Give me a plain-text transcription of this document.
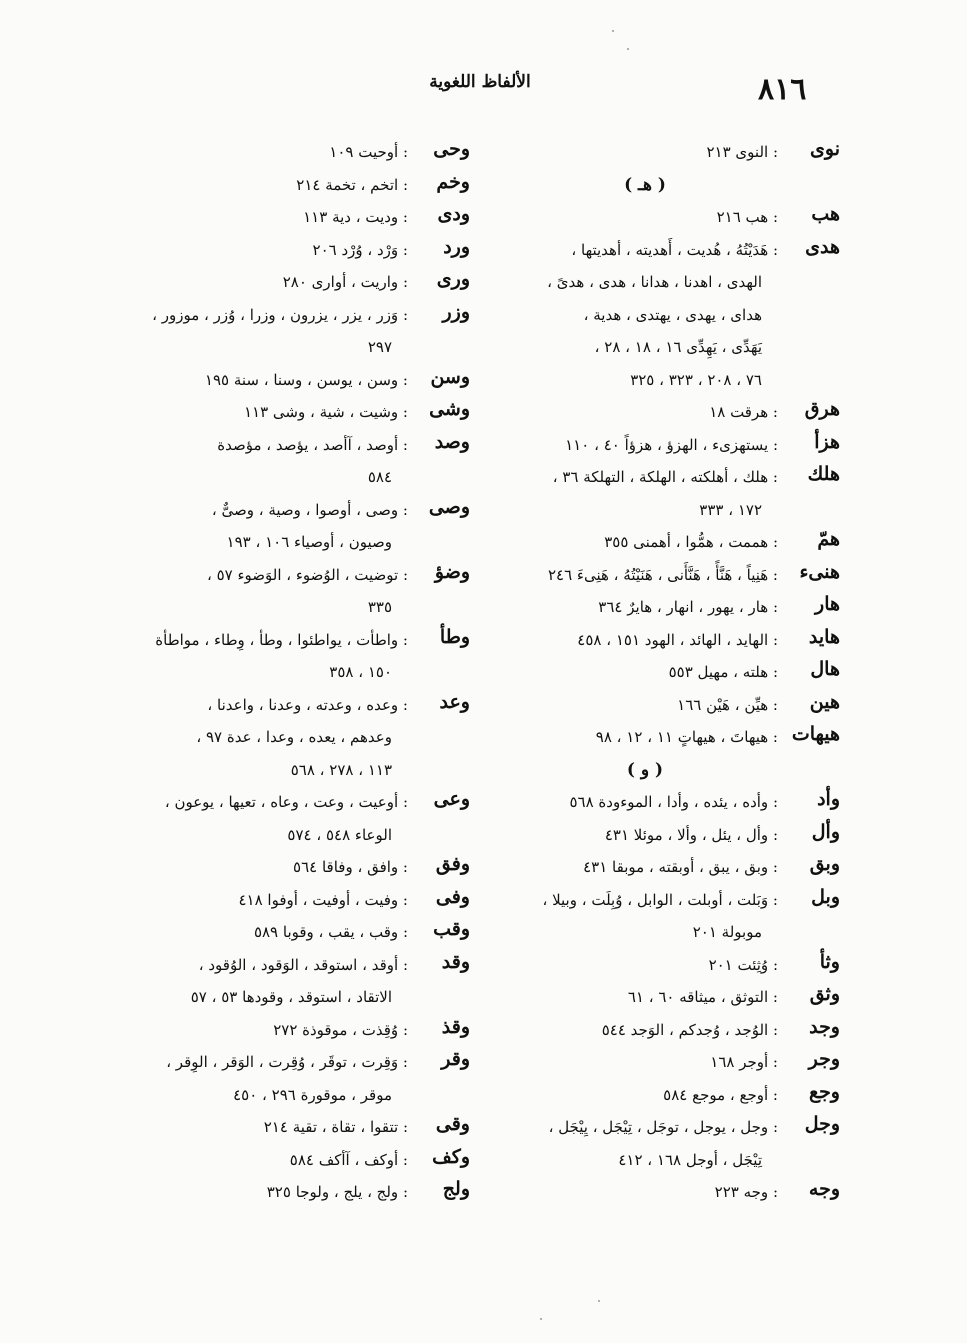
٨١٦
الألفاظ اللغوية
نوى
: النوى ٢١٣
( هـ )
هب
: هب ٢١٦
هدى
: هَدَيْتُهُ ، هُديت ، أَهديته ، أهديتها ،
الهدى ، اهدنا ، هدانا ، هدى ، هدىً ،
هداى ، يهدى ، يهتدى ، هدية ،
يَهَدِّى ، يَهِدِّى ١٦ ، ١٨ ، ٢٨ ،
٧٦ ، ٢٠٨ ، ٣٢٣ ، ٣٢٥
هرق
: هرقت ١٨
هزأ
: يستهزىء ، الهزؤ ، هزؤاً ٤٠ ، ١١٠
هلك
: هلك ، أهلكته ، الهلكة ، التهلكة ٣٦ ،
١٧٢ ، ٣٣٣
همّ
: هممت ، همُّوا ، أهمنى ٣٥٥
هنىء
: هَنِياً ، هَنَّأً ، هَنَّأَنى ، هَنَيْتُهُ ، هَنِىءَ ٢٤٦
هار
: هار ، يهور ، انهار ، هايرٌ ٣٦٤
هايد
: الهايد ، الهائد ، الهود ١٥١ ، ٤٥٨
هال
: هلته ، مهيل ٥٥٣
هين
: هيِّن ، هَيْن ١٦٦
هيهات
: هيهاتَ ، هيهاتٍ ١١ ، ١٢ ، ٩٨
( و )
وأد
: وأده ، يئده ، وأدا ، الموءودة ٥٦٨
وأل
: وأل ، يئل ، وألا ، موئلا ٤٣١
وبق
: وبق ، يبق ، أوبقته ، موبقا ٤٣١
وبل
: وَبَلت ، أوبلت ، الوابل ، وُبِلَت ، وبيلا ،
موبولة ٢٠١
وثأ
: وُثِئت ٢٠١
وثق
: التوثق ، ميثاقه ٦٠ ، ٦١
وجد
: الوُجد ، وُجدكم ، الوَجد ٥٤٤
وجر
: أوجر ١٦٨
وجع
: أوجع ، موجع ٥٨٤
وجل
: وجل ، يوجل ، توجَل ، تِيْجَل ، يِيْجَل ،
تِيْجَل ، أوجل ١٦٨ ، ٤١٢
وجه
: وجه ٢٢٣
وحى
: أوحيت ١٠٩
وخم
: اتخم ، تخمة ٢١٤
ودى
: وديت ، دية ١١٣
ورد
: وَرْد ، وُرْد ٢٠٦
ورى
: واريت ، أوارى ٢٨٠
وزر
: وَزر ، يزر ، يزرون ، وزرا ، وُزر ، موزور ،
٢٩٧
وسن
: وسن ، يوسن ، وسنا ، سنة ١٩٥
وشى
: وشيت ، شية ، وشى ١١٣
وصد
: أوصد ، آأصد ، يؤصد ، مؤصدة
٥٨٤
وصى
: وصى ، أوصوا ، وصية ، وصىٌّ ،
وصيون ، أوصياء ١٠٦ ، ١٩٣
وضؤ
: توضيت ، الوُضوء ، الوَضوء ٥٧ ،
٣٣٥
وطأ
: واطأت ، يواطئوا ، وطأ ، وِطاء ، مواطأة
١٥٠ ، ٣٥٨
وعد
: وعده ، وعدته ، وعدنا ، واعدنا ،
وعدهم ، يعده ، وعدا ، عدة ٩٧ ،
١١٣ ، ٢٧٨ ، ٥٦٨
وعى
: أوعيت ، وعت ، وعاه ، تعيها ، يوعون ،
الوعاء ٥٤٨ ، ٥٧٤
وفق
: وافق ، وفاقا ٥٦٤
وفى
: وفيت ، أوفيت ، أوفوا ٤١٨
وقب
: وقب ، يقب ، وقوبا ٥٨٩
وقد
: أوقد ، استوقد ، الوَقود ، الوُقود ،
الاتقاد ، استوقد ، وقودها ٥٣ ، ٥٧
وقذ
: وُقِذت ، موقوذة ٢٧٢
وقر
: وَقِرت ، توقَر ، وُقِرت ، الوَقر ، الوِقر ،
موقر ، موقورة ٢٩٦ ، ٤٥٠
وقى
: تتقوا ، تقاة ، تقية ٢١٤
وكف
: أوكف ، آأكف ٥٨٤
ولج
: ولج ، يلج ، ولوجا ٣٢٥
